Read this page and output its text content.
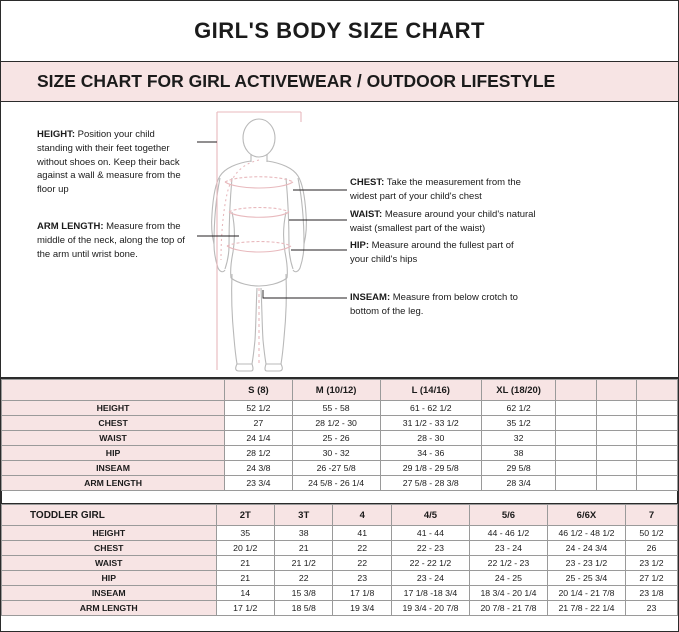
GIRL'S BODY SIZE CHART
SIZE CHART FOR GIRL ACTIVEWEAR / OUTDOOR LIFESTYLE
HEIGHT: Position your child standing with their feet together without shoes on. Keep their back against a wall & measure from the floor up
ARM LENGTH: Measure from the middle of the neck, along the top of the arm until wrist bone.
CHEST: Take the measurement from the widest part of your child's chest
WAIST: Measure around your child's natural waist (smallest part of the waist)
HIP: Measure around the fullest part of your child's hips
INSEAM: Measure from below crotch to bottom of the leg.
	S (8)	M (10/12)	L (14/16)	XL (18/20)			
HEIGHT	52 1/2	55 - 58	61 - 62 1/2	62 1/2			
CHEST	27	28 1/2 - 30	31 1/2 - 33 1/2	35 1/2			
WAIST	24 1/4	25 - 26	28 - 30	32			
HIP	28 1/2	30 - 32	34 - 36	38			
INSEAM	24 3/8	26 -27 5/8	29 1/8 - 29 5/8	29 5/8			
ARM LENGTH	23 3/4	24 5/8 - 26 1/4	27 5/8 - 28 3/8	28 3/4			
TODDLER GIRL	2T	3T	4	4/5	5/6	6/6X	7
HEIGHT	35	38	41	41 - 44	44 - 46 1/2	46 1/2 - 48 1/2	50 1/2
CHEST	20 1/2	21	22	22 - 23	23 - 24	24 - 24 3/4	26
WAIST	21	21 1/2	22	22 - 22 1/2	22 1/2 - 23	23 - 23 1/2	23 1/2
HIP	21	22	23	23 - 24	24 - 25	25 - 25 3/4	27 1/2
INSEAM	14	15 3/8	17 1/8	17 1/8 -18 3/4	18 3/4 - 20 1/4	20 1/4 - 21 7/8	23 1/8
ARM LENGTH	17 1/2	18 5/8	19 3/4	19 3/4 - 20 7/8	20 7/8 - 21 7/8	21 7/8 - 22 1/4	23
